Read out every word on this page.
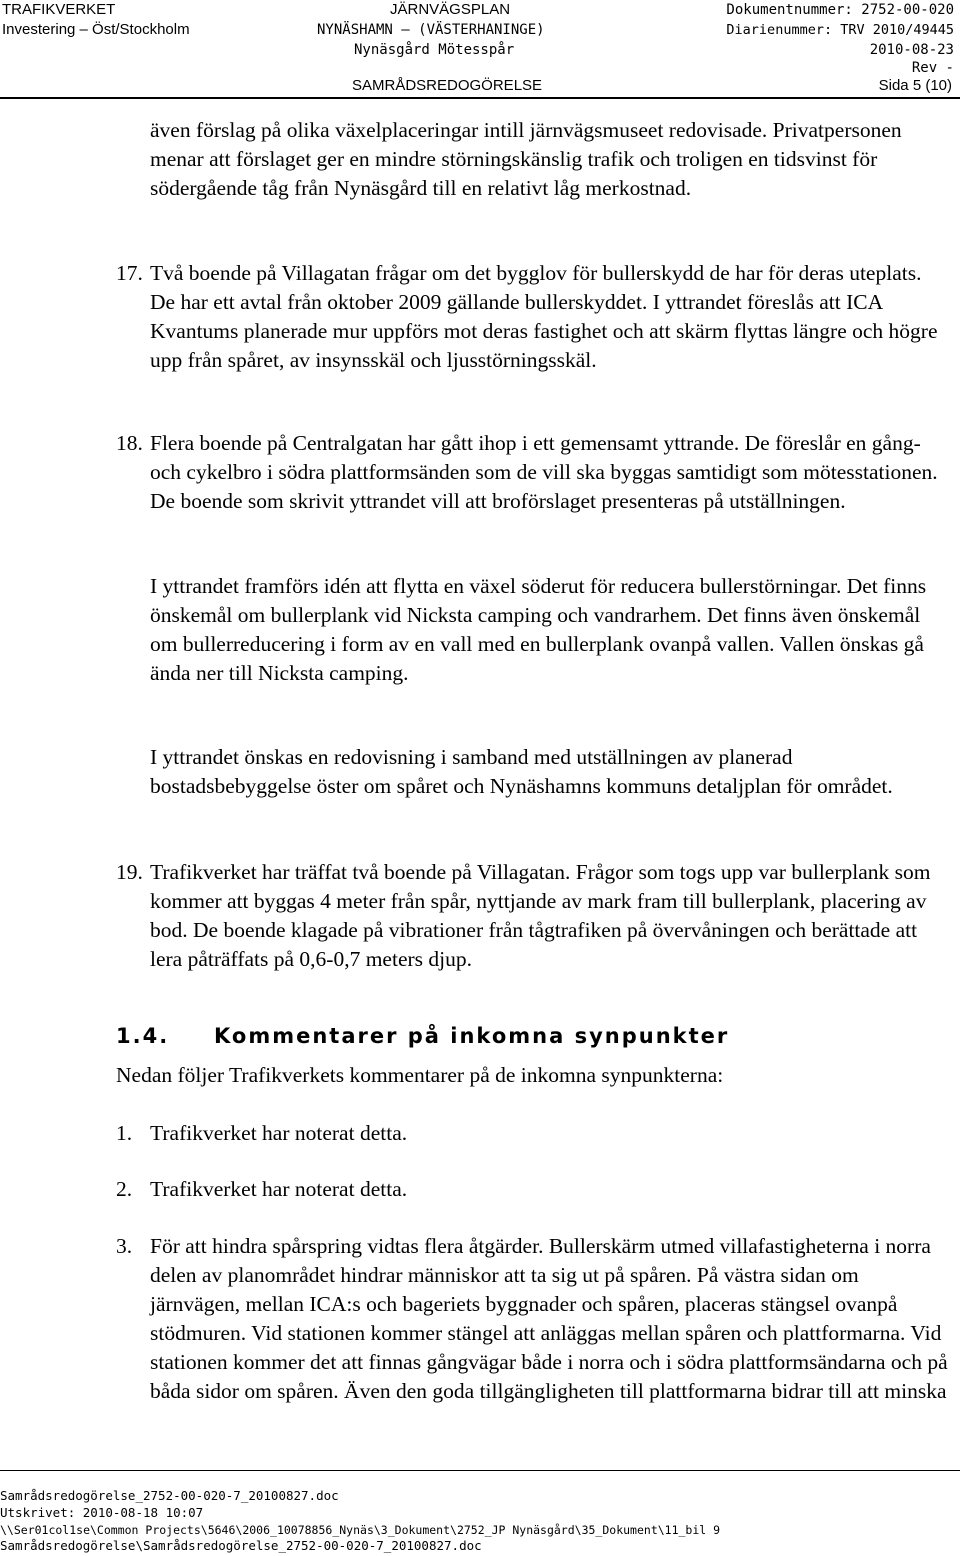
TRAFIKVERKET
Investering – Öst/Stockholm
JÄRNVÄGSPLAN
NYNÄSHAMN – (VÄSTERHANINGE)
Nynäsgård Mötesspår
Dokumentnummer: 2752-00-020
Diarienummer: TRV 2010/49445
2010-08-23
Rev -
SAMRÅDSREDOGÖRELSE	Sida 5 (10)

även förslag på olika växelplaceringar intill järnvägsmuseet redovisade. Privatpersonen menar att förslaget ger en mindre störningskänslig trafik och troligen en tidsvinst för södergående tåg från Nynäsgård till en relativt låg merkostnad.

17. Två boende på Villagatan frågar om det bygglov för bullerskydd de har för deras uteplats. De har ett avtal från oktober 2009 gällande bullerskyddet. I yttrandet föreslås att ICA Kvantums planerade mur uppförs mot deras fastighet och att skärm flyttas längre och högre upp från spåret, av insynsskäl och ljusstörningsskäl.

18. Flera boende på Centralgatan har gått ihop i ett gemensamt yttrande. De föreslår en gång- och cykelbro i södra plattformsänden som de vill ska byggas samtidigt som mötesstationen. De boende som skrivit yttrandet vill att broförslaget presenteras på utställningen.

I yttrandet framförs idén att flytta en växel söderut för reducera bullerstörningar. Det finns önskemål om bullerplank vid Nicksta camping och vandrarhem. Det finns även önskemål om bullerreducering i form av en vall med en bullerplank ovanpå vallen. Vallen önskas gå ända ner till Nicksta camping.

I yttrandet önskas en redovisning i samband med utställningen av planerad bostadsbebyggelse öster om spåret och Nynäshamns kommuns detaljplan för området.

19. Trafikverket har träffat två boende på Villagatan. Frågor som togs upp var bullerplank som kommer att byggas 4 meter från spår, nyttjande av mark fram till bullerplank, placering av bod. De boende klagade på vibrationer från tågtrafiken på övervåningen och berättade att lera påträffats på 0,6-0,7 meters djup.

1.4. Kommentarer på inkomna synpunkter

Nedan följer Trafikverkets kommentarer på de inkomna synpunkterna:

1. Trafikverket har noterat detta.

2. Trafikverket har noterat detta.

3. För att hindra spårspring vidtas flera åtgärder. Bullerskärm utmed villafastigheterna i norra delen av planområdet hindrar människor att ta sig ut på spåren. På västra sidan om järnvägen, mellan ICA:s och bageriets byggnader och spåren, placeras stängsel ovanpå stödmuren. Vid stationen kommer stängel att anläggas mellan spåren och plattformarna. Vid stationen kommer det att finnas gångvägar både i norra och i södra plattformsändarna och på båda sidor om spåren. Även den goda tillgängligheten till plattformarna bidrar till att minska

Samrådsredogörelse_2752-00-020-7_20100827.doc
Utskrivet: 2010-08-18 10:07
\\Ser01col1se\Common Projects\5646\2006_10078856_Nynäs\3_Dokument\2752_JP Nynäsgård\35_Dokument\11_bil 9
Samrådsredogörelse\Samrådsredogörelse_2752-00-020-7_20100827.doc
